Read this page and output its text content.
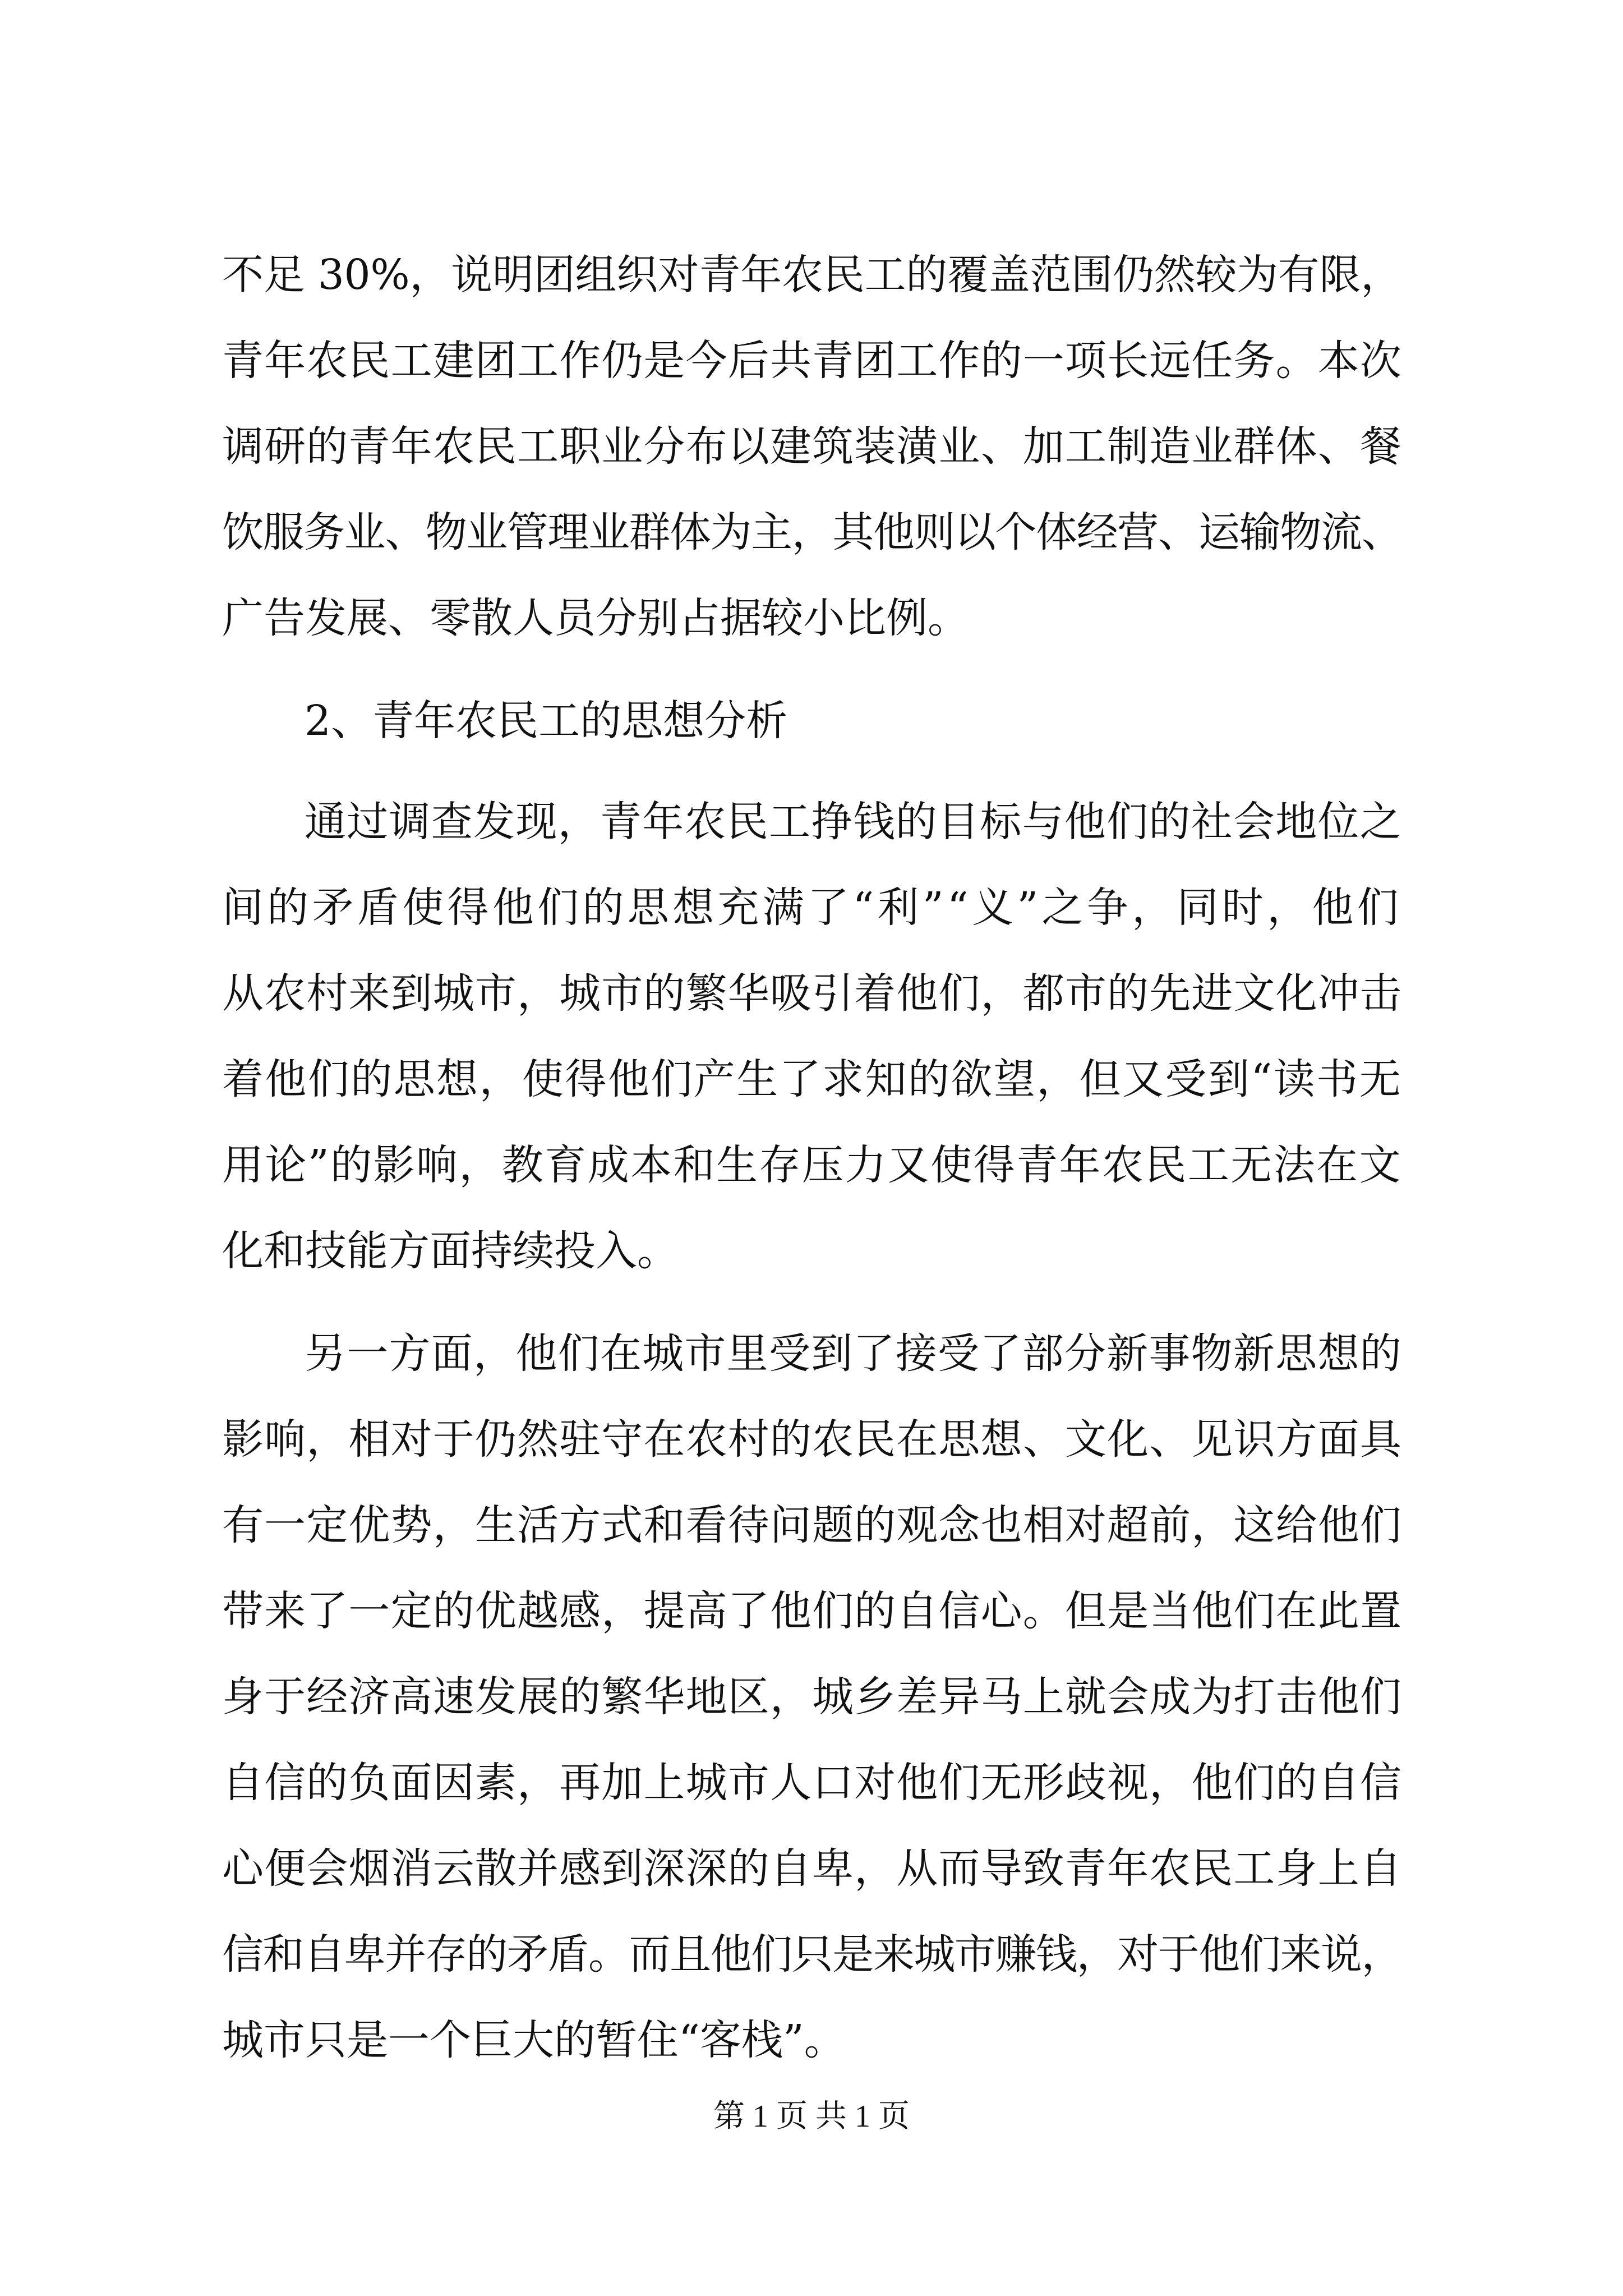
不足 30%，说明团组织对青年农民工的覆盖范围仍然较为有限，
青年农民工建团工作仍是今后共青团工作的一项长远任务。本次
调研的青年农民工职业分布以建筑装潢业、加工制造业群体、餐
饮服务业、物业管理业群体为主，其他则以个体经营、运输物流、
广告发展、零散人员分别占据较小比例。
2、青年农民工的思想分析
通过调查发现，青年农民工挣钱的目标与他们的社会地位之
间的矛盾使得他们的思想充满了“利”“义”之争，同时，他们
从农村来到城市，城市的繁华吸引着他们，都市的先进文化冲击
着他们的思想，使得他们产生了求知的欲望，但又受到“读书无
用论”的影响，教育成本和生存压力又使得青年农民工无法在文
化和技能方面持续投入。
另一方面，他们在城市里受到了接受了部分新事物新思想的
影响，相对于仍然驻守在农村的农民在思想、文化、见识方面具
有一定优势，生活方式和看待问题的观念也相对超前，这给他们
带来了一定的优越感，提高了他们的自信心。但是当他们在此置
身于经济高速发展的繁华地区，城乡差异马上就会成为打击他们
自信的负面因素，再加上城市人口对他们无形歧视，他们的自信
心便会烟消云散并感到深深的自卑，从而导致青年农民工身上自
信和自卑并存的矛盾。而且他们只是来城市赚钱，对于他们来说，
城市只是一个巨大的暂住“客栈”。
第 1 页 共 1 页
